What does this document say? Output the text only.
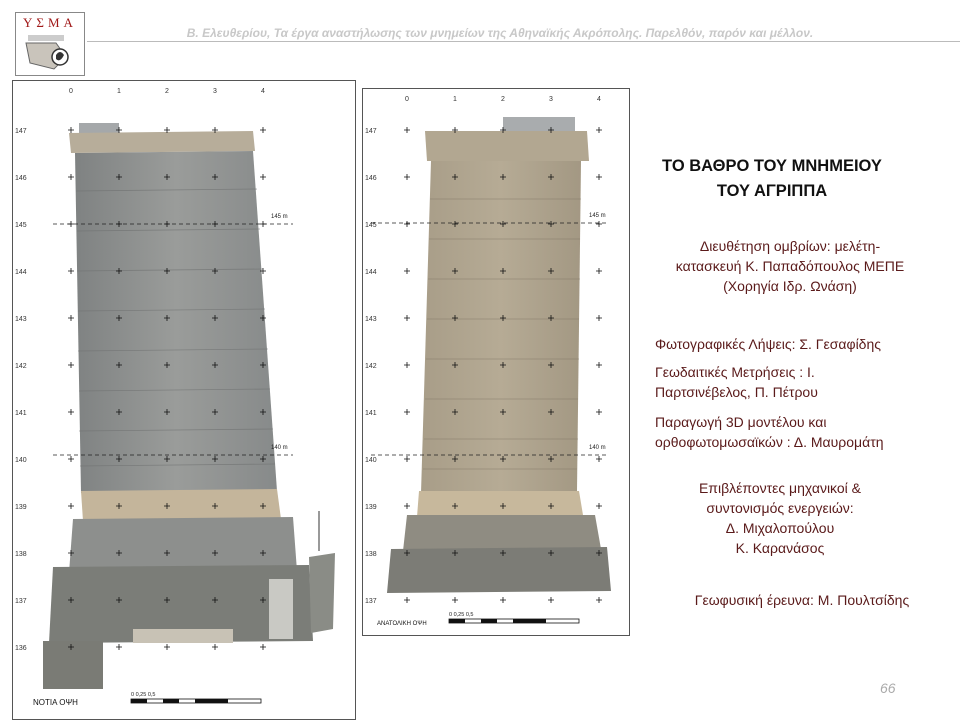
ΥΣΜΑ
Β. Ελευθερίου, Τα έργα αναστήλωσης των μνημείων της Αθηναϊκής Ακρόπολης. Παρελθόν, παρόν και μέλλον.
145 m
140 m
0	1	2	3	4
147
146
145
144
143
142
141
140
139
138
137
136
0 0,25 0,5
ΝΟΤΙΑ ΟΨΗ
145 m
140 m
0	1	2	3	4
147
146
145
144
143
142
141
140
139
138
137
0 0,25 0,5
ΑΝΑΤΟΛΙΚΗ ΟΨΗ
ΤΟ ΒΑΘΡΟ ΤΟΥ ΜΝΗΜΕΙΟΥ
ΤΟΥ ΑΓΡΙΠΠΑ
Διευθέτηση ομβρίων: μελέτη-
κατασκευή Κ. Παπαδόπουλος ΜΕΠΕ
(Χορηγία Ιδρ. Ωνάση)
Φωτογραφικές Λήψεις: Σ. Γεσαφίδης
Γεωδαιτικές Μετρήσεις : Ι.
Παρτσινέβελος, Π. Πέτρου
Παραγωγή 3D μοντέλου και
ορθοφωτομωσαϊκών : Δ. Μαυρομάτη
Επιβλέποντες μηχανικοί &
συντονισμός ενεργειών:
Δ. Μιχαλοπούλου
Κ. Καρανάσος
Γεωφυσική έρευνα: Μ. Πουλτσίδης
66
